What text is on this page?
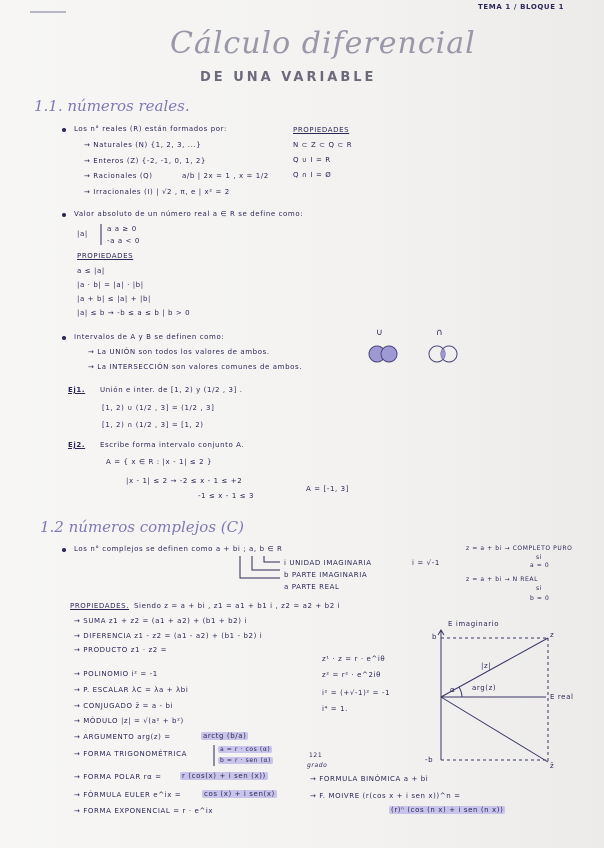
TEMA 1 / BLOQUE 1
Cálculo diferencial
DE UNA VARIABLE
1.1. números reales.
Los n° reales (R) están formados por:
→ Naturales (N) {1, 2, 3, ...}
→ Enteros (Z) {-2, -1, 0, 1, 2}
→ Racionales (Q)	a/b | 2x = 1 , x = 1/2
→ Irracionales (I) | √2 , π, e | x² = 2
PROPIEDADES
N ⊂ Z ⊂ Q ⊂ R
Q ∪ I = R
Q ∩ I = Ø
Valor absoluto de un número real a ∈ R se define como:
|a|
a a ≥ 0
-a a < 0
PROPIEDADES
a ≤ |a|
|a · b| = |a| · |b|
|a + b| ≤ |a| + |b|
|a| ≤ b → -b ≤ a ≤ b | b > 0
Intervalos de A y B se definen como:
→ La UNIÓN son todos los valores de ambos.
→ La INTERSECCIÓN son valores comunes de ambos.
∪	∩
Ej1. Unión e inter. de [1, 2) y (1/2 , 3] .
[1, 2) ∪ (1/2 , 3] = (1/2 , 3]
[1, 2) ∩ (1/2 , 3] = [1, 2)
Ej2. Escribe forma intervalo conjunto A.
A = { x ∈ R : |x - 1| ≤ 2 }
|x - 1| ≤ 2 → -2 ≤ x - 1 ≤ +2
-1 ≤ x - 1 ≤ 3
A = [-1, 3]
1.2 números complejos (C)
Los n° complejos se definen como a + bi ; a, b ∈ R
i UNIDAD IMAGINARIA	i = √-1
b PARTE IMAGINARIA
a PARTE REAL
z = a + bi → COMPLETO PURO
si
a = 0
z = a + bi → N REAL
si
b = 0
PROPIEDADES. Siendo z = a + bi , z1 = a1 + b1 i , z2 = a2 + b2 i
→ SUMA z1 + z2 = (a1 + a2) + (b1 + b2) i
→ DIFERENCIA z1 - z2 = (a1 - a2) + (b1 - b2) i
→ PRODUCTO z1 · z2 =
→ POLINOMIO i² = -1
→ P. ESCALAR λC = λa + λbi
→ CONJUGADO z̄ = a - bi
→ MÓDULO |z| = √(a² + b²)
→ ARGUMENTO arg(z) =	arctg (b/a)
→ FORMA TRIGONOMÉTRICA
a = r · cos (α)
b = r · sen (α)
→ FORMA POLAR rα =	r (cos(x) + i sen (x))
→ FÓRMULA EULER e^ix =	cos (x) + i sen(x)
→ FORMA EXPONENCIAL = r · e^ix
z¹ · z = r · e^iθ
z² = r² · e^2iθ
i² = (+√-1)² = -1
i⁴ = 1.
121
grado
→ FORMULA BINÓMICA a + bi
→ F. MOIVRE (r(cos x + i sen x))^n =
(r)ⁿ (cos (n x) + i sen (n x))
E imaginario
E real
b
-b
z
z̄
|z|
arg(z)
α
